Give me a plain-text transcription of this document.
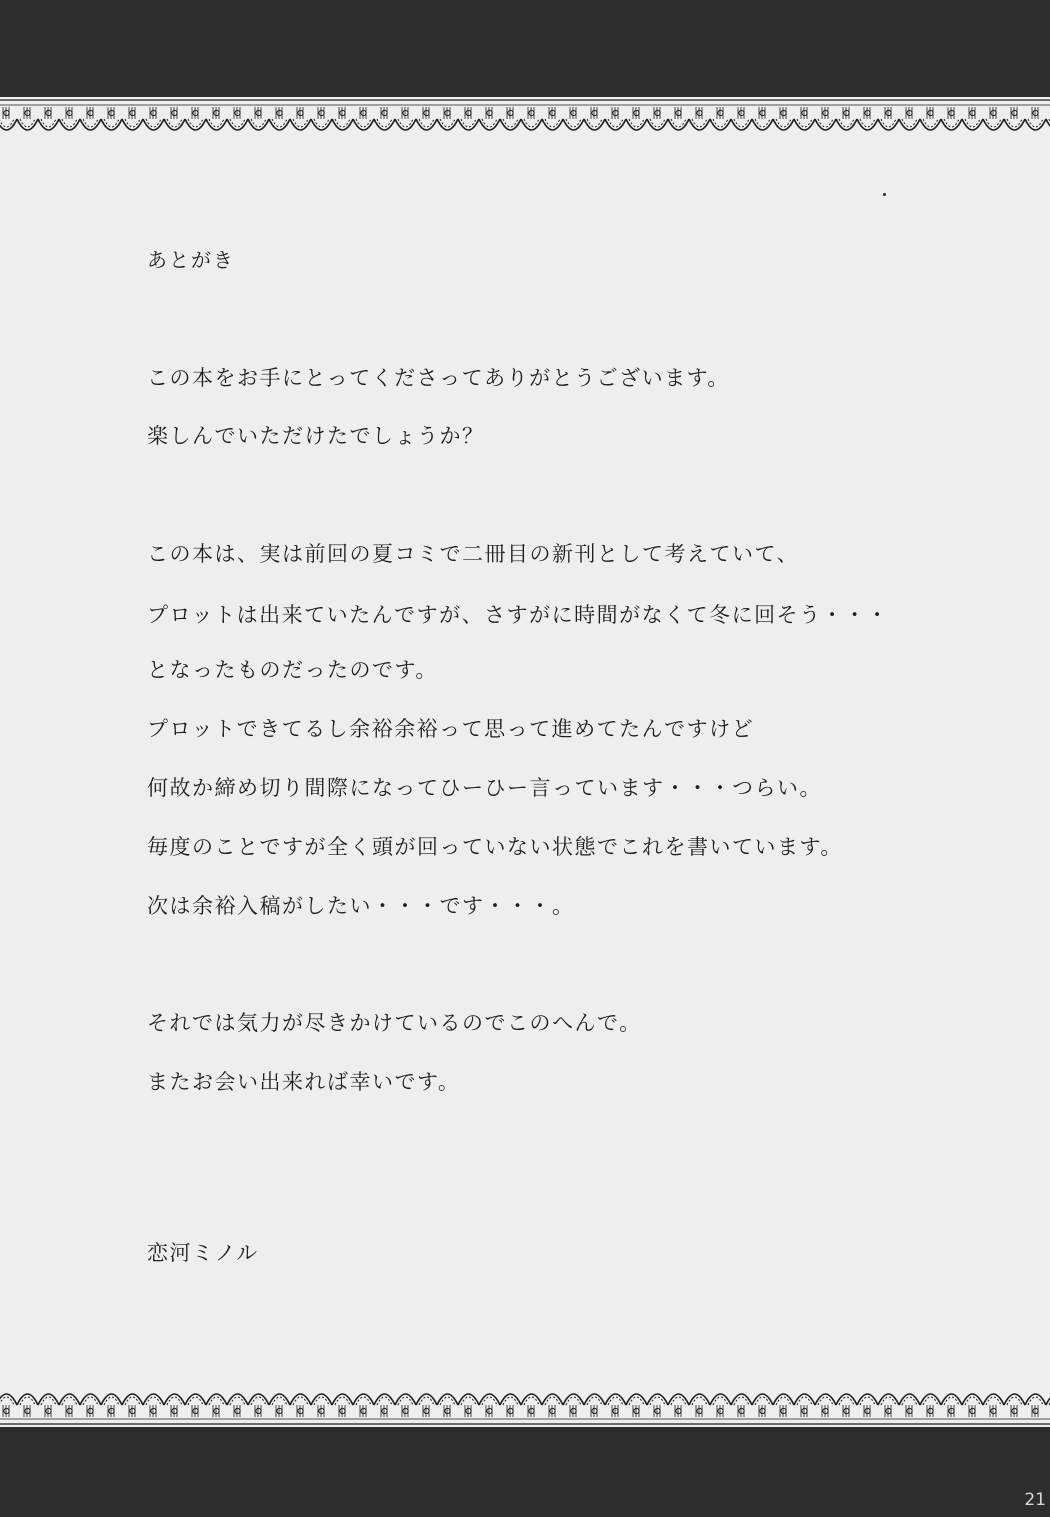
あとがき
この本をお手にとってくださってありがとうございます。
楽しんでいただけたでしょうか？
この本は、実は前回の夏コミで二冊目の新刊として考えていて、
プロットは出来ていたんですが、さすがに時間がなくて冬に回そう・・・
となったものだったのです。
プロットできてるし余裕余裕って思って進めてたんですけど
何故か締め切り間際になってひーひー言っています・・・つらい。
毎度のことですが全く頭が回っていない状態でこれを書いています。
次は余裕入稿がしたい・・・です・・・。
それでは気力が尽きかけているのでこのへんで。
またお会い出来れば幸いです。
恋河ミノル
21
